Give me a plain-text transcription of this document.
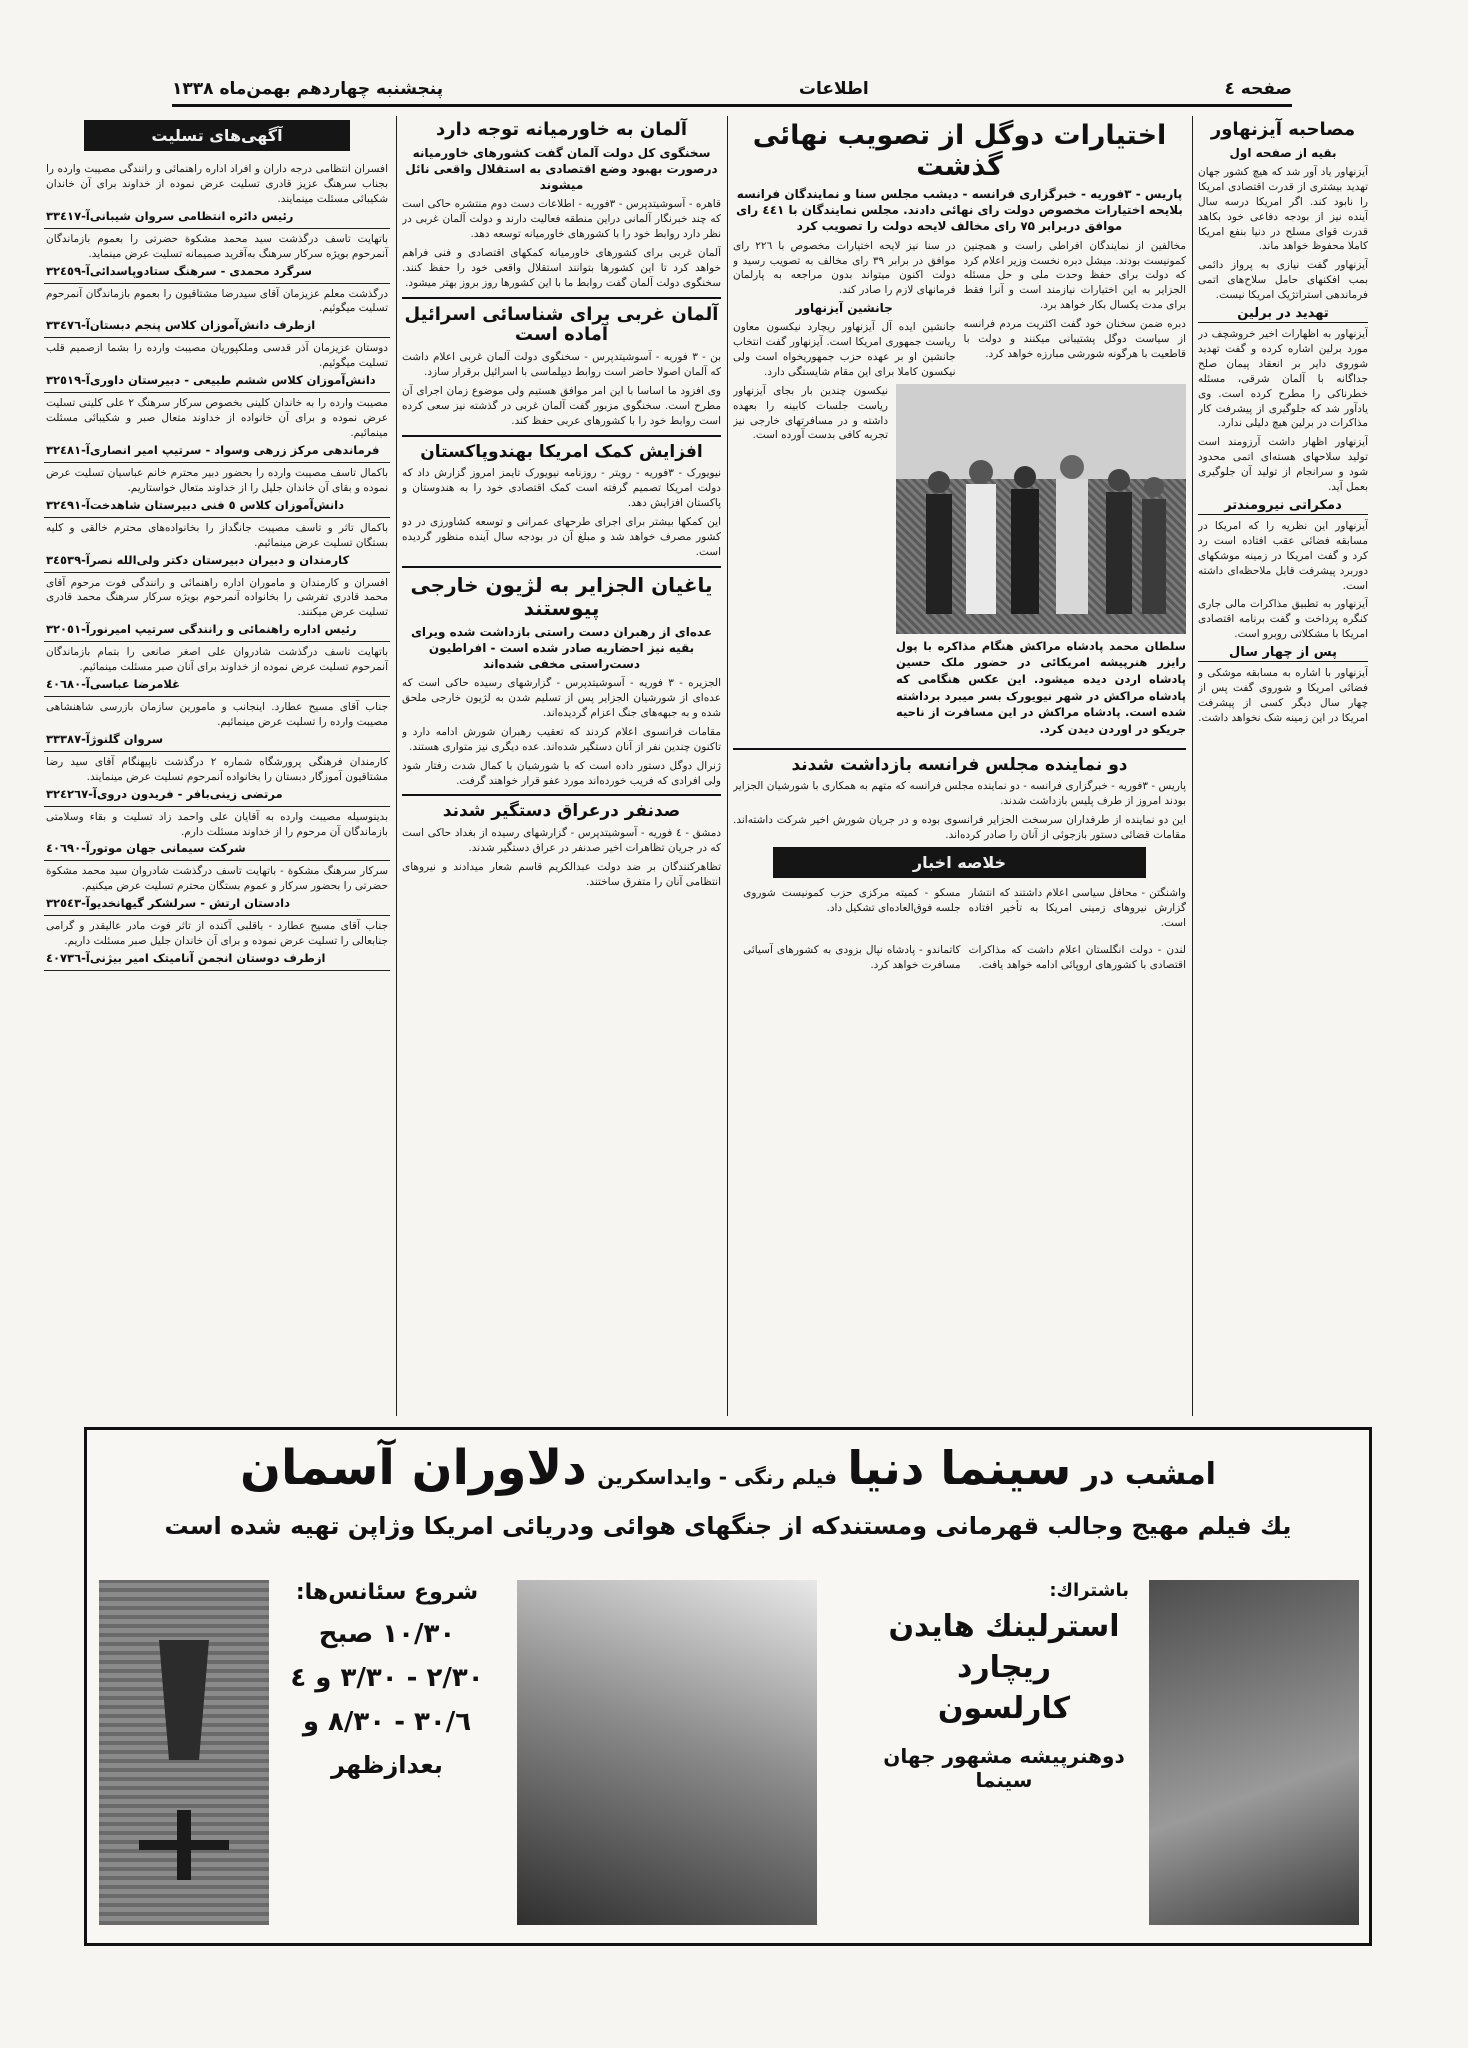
صفحه ٤
اطلاعات
پنجشنبه چهاردهم بهمن‌ماه ۱۳۳۸
مصاحبه آیزنهاور
بقیه از صفحه اول

آیزنهاور یاد آور شد که هیچ کشور جهان تهدید بیشتری از قدرت اقتصادی امریکا را نابود کند. اگر امریکا درسه سال آینده نیز از بودجه دفاعی خود بکاهد قدرت قوای مسلح در دنیا بنفع امریکا کاملا محفوظ خواهد ماند.

آیزنهاور گفت نیازی به پرواز دائمی بمب افکنهای حامل سلاح‌های اتمی فرماندهی استراتژیک امریکا نیست.

تهدید در برلین

آیزنهاور به اظهارات اخیر خروشچف در مورد برلین اشاره کرده و گفت تهدید شوروی دایر بر انعقاد پیمان صلح جداگانه با آلمان شرقی، مسئله خطرناکی را مطرح کرده است. وی یادآور شد که جلوگیری از پیشرفت کار مذاکرات در برلین هیچ دلیلی ندارد.

آیزنهاور اظهار داشت آرزومند است تولید سلاحهای هسته‌ای اتمی محدود شود و سرانجام از تولید آن جلوگیری بعمل آید.

دمکراتی نیرومندتر

آیزنهاور این نظریه را که امریکا در مسابقه فضائی عقب افتاده است رد کرد و گفت امریکا در زمینه موشکهای دوربرد پیشرفت قابل ملاحظه‌ای داشته است.

آیزنهاور به تطبیق مذاکرات مالی جاری کنگره پرداخت و گفت برنامه اقتصادی امریکا با مشکلاتی روبرو است.

پس از چهار سال

آیزنهاور با اشاره به مسابقه موشکی و فضائی امریکا و شوروی گفت پس از چهار سال دیگر کسی از پیشرفت امریکا در این زمینه شک نخواهد داشت.

اختیارات دوگل از تصویب نهائی گذشت
پاریس - ۳فوریه - خبرگزاری فرانسه - دیشب مجلس سنا و نمایندگان فرانسه بلایحه اختیارات مخصوص دولت رای نهائی دادند. مجلس نمایندگان با ٤٤۱ رای موافق دربرابر ۷۵ رای مخالف لایحه دولت را تصویب کرد

مخالفین از نمایندگان افراطی راست و همچنین کمونیست بودند. میشل دبره نخست وزیر اعلام کرد که دولت برای حفظ وحدت ملی و حل مسئله الجزایر به این اختیارات نیازمند است و آنرا فقط برای مدت یکسال بکار خواهد برد.

دبره ضمن سخنان خود گفت اکثریت مردم فرانسه از سیاست دوگل پشتیبانی میکنند و دولت با قاطعیت با هرگونه شورشی مبارزه خواهد کرد.

در سنا نیز لایحه اختیارات مخصوص با ۲۲٦ رای موافق در برابر ۳۹ رای مخالف به تصویب رسید و دولت اکنون میتواند بدون مراجعه به پارلمان فرمانهای لازم را صادر کند.

جانشین آیزنهاور

جانشین ایده آل آیزنهاور ریچارد نیکسون معاون ریاست جمهوری امریکا است. آیزنهاور گفت انتخاب جانشین او بر عهده حزب جمهوریخواه است ولی نیکسون کاملا برای این مقام شایستگی دارد.

سلطان محمد پادشاه مراکش هنگام مذاکره با پول رایزر هنرپیشه امریکائی در حضور ملک حسین پادشاه اردن دیده میشود. این عکس هنگامی که پادشاه مراکش در شهر نیویورک بسر میبرد برداشته شده است. پادشاه مراکش در این مسافرت از ناحیه جریکو در اوردن دیدن کرد.

نیکسون چندین بار بجای آیزنهاور ریاست جلسات کابینه را بعهده داشته و در مسافرتهای خارجی نیز تجربه کافی بدست آورده است.

دو نماینده مجلس فرانسه بازداشت شدند

پاریس - ۳فوریه - خبرگزاری فرانسه - دو نماینده مجلس فرانسه که متهم به همکاری با شورشیان الجزایر بودند امروز از طرف پلیس بازداشت شدند.

این دو نماینده از طرفداران سرسخت الجزایر فرانسوی بوده و در جریان شورش اخیر شرکت داشته‌اند. مقامات قضائی دستور بازجوئی از آنان را صادر کرده‌اند.

خلاصه اخبار

واشنگتن - محافل سیاسی اعلام داشتند که انتشار گزارش نیروهای زمینی امریکا به تأخیر افتاده است.

مسکو - کمیته مرکزی حزب کمونیست شوروی جلسه فوق‌العاده‌ای تشکیل داد.

لندن - دولت انگلستان اعلام داشت که مذاکرات اقتصادی با کشورهای اروپائی ادامه خواهد یافت.

کاتماندو - پادشاه نپال بزودی به کشورهای آسیائی مسافرت خواهد کرد.

آلمان به خاورمیانه توجه دارد
سخنگوی کل دولت آلمان گفت کشورهای خاورمیانه درصورت بهبود وضع اقتصادی به استقلال واقعی نائل میشوند

قاهره - آسوشیتدپرس - ۳فوریه - اطلاعات دست دوم منتشره حاکی است که چند خبرنگار آلمانی دراین منطقه فعالیت دارند و دولت آلمان غربی در نظر دارد روابط خود را با کشورهای خاورمیانه توسعه دهد.

آلمان غربی برای کشورهای خاورمیانه کمکهای اقتصادی و فنی فراهم خواهد کرد تا این کشورها بتوانند استقلال واقعی خود را حفظ کنند. سخنگوی دولت آلمان گفت روابط ما با این کشورها روز بروز بهتر میشود.

آلمان غربی برای شناسائی اسرائیل آماده است

بن - ۳ فوریه - آسوشیتدپرس - سخنگوی دولت آلمان غربی اعلام داشت که آلمان اصولا حاضر است روابط دیپلماسی با اسرائیل برقرار سازد.

وی افزود ما اساسا با این امر موافق هستیم ولی موضوع زمان اجرای آن مطرح است. سخنگوی مزبور گفت آلمان غربی در گذشته نیز سعی کرده است روابط خود را با کشورهای عربی حفظ کند.

افزایش کمک امریکا بهندوپاکستان

نیویورک - ۳فوریه - رویتر - روزنامه نیویورک تایمز امروز گزارش داد که دولت امریکا تصمیم گرفته است کمک اقتصادی خود را به هندوستان و پاکستان افزایش دهد.

این کمکها بیشتر برای اجرای طرحهای عمرانی و توسعه کشاورزی در دو کشور مصرف خواهد شد و مبلغ آن در بودجه سال آینده منظور گردیده است.

یاغیان الجزایر به لژیون خارجی پیوستند
عده‌ای از رهبران دست راستی بازداشت شده ویرای بقیه نیز احضاریه صادر شده است - افراطیون دست‌راستی مخفی شده‌اند

الجزیره - ۳ فوریه - آسوشیتدپرس - گزارشهای رسیده حاکی است که عده‌ای از شورشیان الجزایر پس از تسلیم شدن به لژیون خارجی ملحق شده و به جبهه‌های جنگ اعزام گردیده‌اند.

مقامات فرانسوی اعلام کردند که تعقیب رهبران شورش ادامه دارد و تاکنون چندین نفر از آنان دستگیر شده‌اند. عده دیگری نیز متواری هستند.

ژنرال دوگل دستور داده است که با شورشیان با کمال شدت رفتار شود ولی افرادی که فریب خورده‌اند مورد عفو قرار خواهند گرفت.

صدنفر درعراق دستگیر شدند

دمشق - ٤ فوریه - آسوشیتدپرس - گزارشهای رسیده از بغداد حاکی است که در جریان تظاهرات اخیر صدنفر در عراق دستگیر شدند.

تظاهرکنندگان بر ضد دولت عبدالکریم قاسم شعار میدادند و نیروهای انتظامی آنان را متفرق ساختند.

آگهی‌های تسلیت

افسران انتظامی درجه داران و افراد اداره راهنمائی و رانندگی مصیبت وارده را بجناب سرهنگ عزیز قادری تسلیت عرض نموده از خداوند برای آن خاندان شکیبائی مسئلت مینمایند.

رئیس دائره انتظامی سروان شیبانی
آ-۳۳٤۱۷

باتهایت تاسف درگذشت سید محمد مشکوة حضرتی را بعموم بازماندگان آنمرحوم بویژه سرکار سرهنگ به‌آقرید صمیمانه تسلیت عرض مینماید.

سرگرد محمدی - سرهنگ ستادوپاسدائی
آ-۳۲٤٥۹

درگذشت معلم عزیزمان آقای سیدرضا مشتاقیون را بعموم بازماندگان آنمرحوم تسلیت میگوئیم.

ازطرف دانش‌آموزان کلاس پنجم دبستان
آ-۳۳٤۷٦

دوستان عزیزمان آذر قدسی وملکپوریان مصیبت وارده را بشما ازصمیم قلب تسلیت میگوئیم.

دانش‌آموزان کلاس ششم طبیعی - دبیرستان داوری
آ-۳۲٥۱۹

مصیبت وارده را به خاندان کلینی بخصوص سرکار سرهنگ ۲ علی کلینی تسلیت عرض نموده و برای آن خانواده از خداوند متعال صبر و شکیبائی مسئلت مینمائیم.

فرماندهی مرکز زرهی وسواد - سرتیپ امیر انصاری
آ-۳۲٤۸۱

باکمال تاسف مصیبت وارده را بحضور دبیر محترم خانم عباسیان تسلیت عرض نموده و بقای آن خاندان جلیل را از خداوند متعال خواستاریم.

دانش‌آموزان کلاس ٥ فنی دبیرستان شاهدخت
آ-۳۲٤۹۱

باکمال تاثر و تاسف مصیبت جانگداز را بخانواده‌های محترم خالقی و کلیه بستگان تسلیت عرض مینمائیم.

کارمندان و دبیران دبیرستان دکتر ولی‌الله نصر
آ-۳٤٥۳۹

افسران و کارمندان و ماموران اداره راهنمائی و رانندگی فوت مرحوم آقای محمد قادری تفرشی را بخانواده آنمرحوم بویژه سرکار سرهنگ محمد قادری تسلیت عرض میکنند.

رئیس اداره راهنمائی و رانندگی سرتیپ امیرنور
آ-۳۲۰٥۱

باتهایت تاسف درگذشت شادروان علی اصغر صانعی را بتمام بازماندگان آنمرحوم تسلیت عرض نموده از خداوند برای آنان صبر مسئلت مینمائیم.

غلامرضا عباسی
آ-٤۰٦۸۰

جناب آقای مسیح عطارد. اینجانب و مامورین سازمان بازرسی شاهنشاهی مصیبت وارده را تسلیت عرض مینمائیم.

سروان گلنوژ
آ-۳۳۳۸۷

کارمندان فرهنگی پرورشگاه شماره ۲ درگذشت ناپیهنگام آقای سید رضا مشتاقیون آموزگار دبستان را بخانواده آنمرحوم تسلیت عرض مینمایند.

مرتضی زینی‌بافر - فریدون دروی
آ-۳۲٤۲٦۷

بدینوسیله مصیبت وارده به آقایان علی واحمد زاد تسلیت و بقاء وسلامتی بازماندگان آن مرحوم را از خداوند مسئلت دارم.

شرکت سیمانی جهان موتور
آ-٤۰٦۹۰

سرکار سرهنگ مشکوة - باتهایت تاسف درگذشت شادروان سید محمد مشکوة حضرتی را بحضور سرکار و عموم بستگان محترم تسلیت عرض میکنیم.

دادستان ارتش - سرلشکر گیهانخدیو
آ-۳۲٥٤۳

جناب آقای مسیح عطارد - باقلبی آکنده از تاثر فوت مادر عالیقدر و گرامی جنابعالی را تسلیت عرض نموده و برای آن خاندان جلیل صبر مسئلت داریم.

ازطرف دوستان انجمن آنامیتک امیر بیژنی
آ-٤۰۷۳٦
امشب در سینما دنیا فیلم رنگی - وایداسکرین دلاوران آسمان
یك فیلم مهیج وجالب قهرمانی ومستندكه از جنگهای هوائی ودریائی امریکا وژاپن تهیه شده است
باشتراك:
استرلینك هایدن
ریچارد
کارلسون
دوهنرپیشه مشهور جهان سینما
شروع سئانس‌ها:
۱۰/۳۰ صبح
۲/۳۰ - ۳/۳۰ و ٤
٦/۳۰ - ۸/۳۰ و
بعدازظهر
